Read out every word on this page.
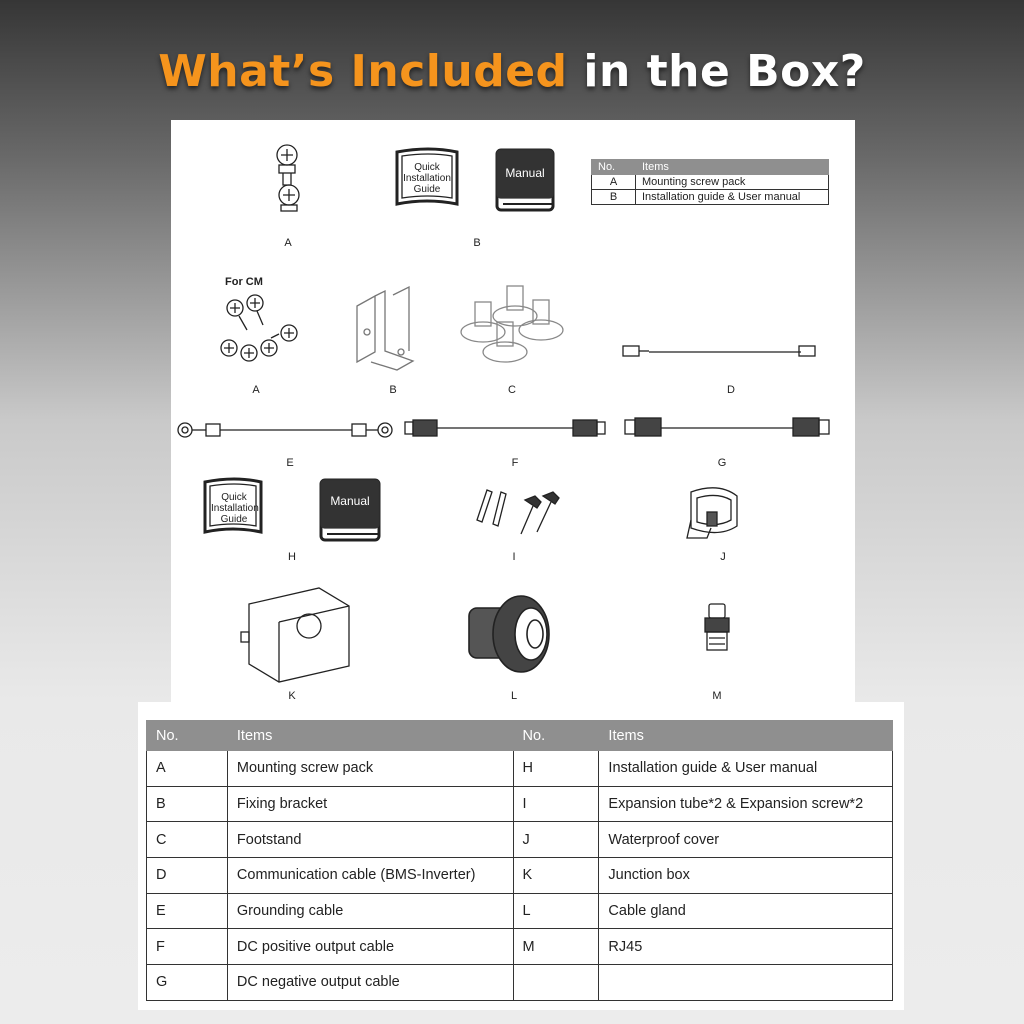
What’s Included in the Box?
Quick
Installation
Guide
Manual
Quick
Installation
Guide
Manual
A	B
For CM
A	B	C	D
E	F	G
H	I	J
K	L	M
No.	Items
A	Mounting screw pack
B	Installation guide & User manual
No.	Items	No.	Items
A	Mounting screw pack	H	Installation guide & User manual
B	Fixing bracket	I	Expansion tube*2 & Expansion screw*2
C	Footstand	J	Waterproof cover
D	Communication cable (BMS-Inverter)	K	Junction box
E	Grounding cable	L	Cable gland
F	DC positive output cable	M	RJ45
G	DC negative output cable		
